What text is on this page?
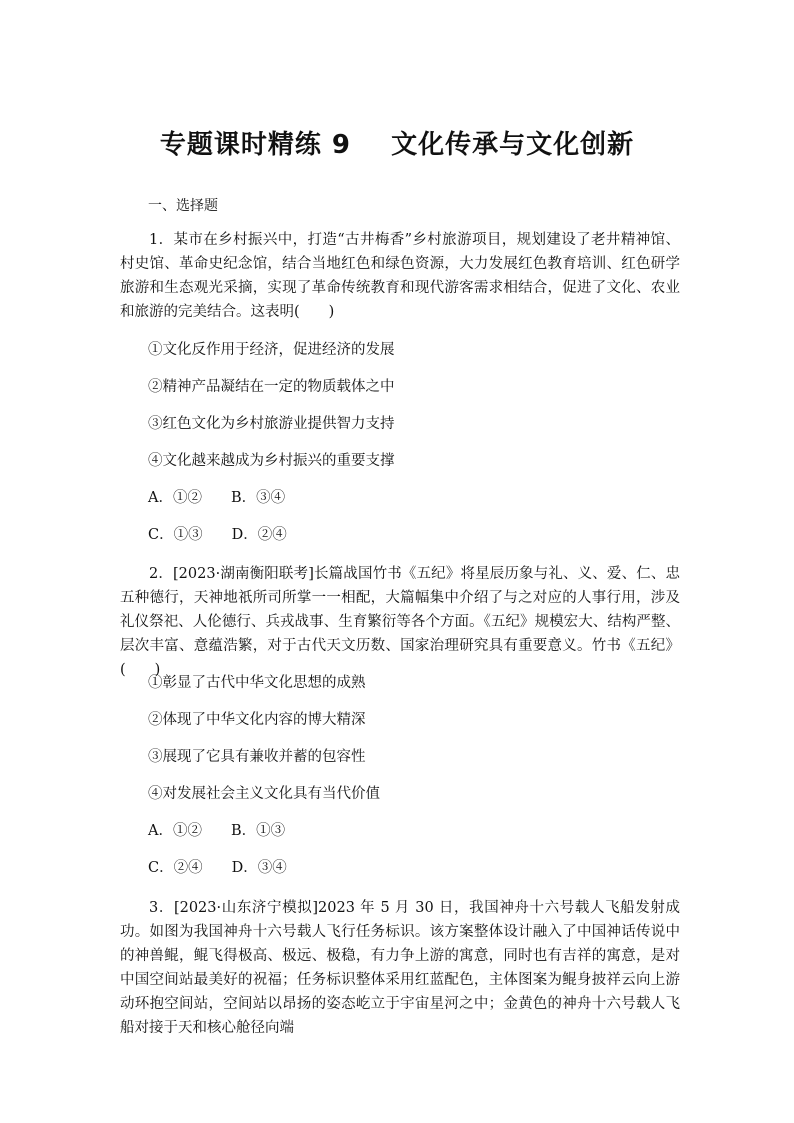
专题课时精练 9    文化传承与文化创新
一、选择题
1．某市在乡村振兴中，打造“古井梅香”乡村旅游项目，规划建设了老井精神馆、村史馆、革命史纪念馆，结合当地红色和绿色资源，大力发展红色教育培训、红色研学旅游和生态观光采摘，实现了革命传统教育和现代游客需求相结合，促进了文化、农业和旅游的完美结合。这表明(　　)
①文化反作用于经济，促进经济的发展
②精神产品凝结在一定的物质载体之中
③红色文化为乡村旅游业提供智力支持
④文化越来越成为乡村振兴的重要支撑
A．①②　　B．③④
C．①③　　D．②④
2．[2023·湖南衡阳联考]长篇战国竹书《五纪》将星辰历象与礼、义、爱、仁、忠五种德行，天神地祇所司所掌一一相配，大篇幅集中介绍了与之对应的人事行用，涉及礼仪祭祀、人伦德行、兵戎战事、生育繁衍等各个方面。《五纪》规模宏大、结构严整、层次丰富、意蕴浩繁，对于古代天文历数、国家治理研究具有重要意义。竹书《五纪》(　　)
①彰显了古代中华文化思想的成熟
②体现了中华文化内容的博大精深
③展现了它具有兼收并蓄的包容性
④对发展社会主义文化具有当代价值
A．①②　　B．①③
C．②④　　D．③④
3．[2023·山东济宁模拟]2023 年 5 月 30 日，我国神舟十六号载人飞船发射成功。如图为我国神舟十六号载人飞行任务标识。该方案整体设计融入了中国神话传说中的神兽鲲，鲲飞得极高、极远、极稳，有力争上游的寓意，同时也有吉祥的寓意，是对中国空间站最美好的祝福；任务标识整体采用红蓝配色，主体图案为鲲身披祥云向上游动环抱空间站，空间站以昂扬的姿态屹立于宇宙星河之中；金黄色的神舟十六号载人飞船对接于天和核心舱径向端
